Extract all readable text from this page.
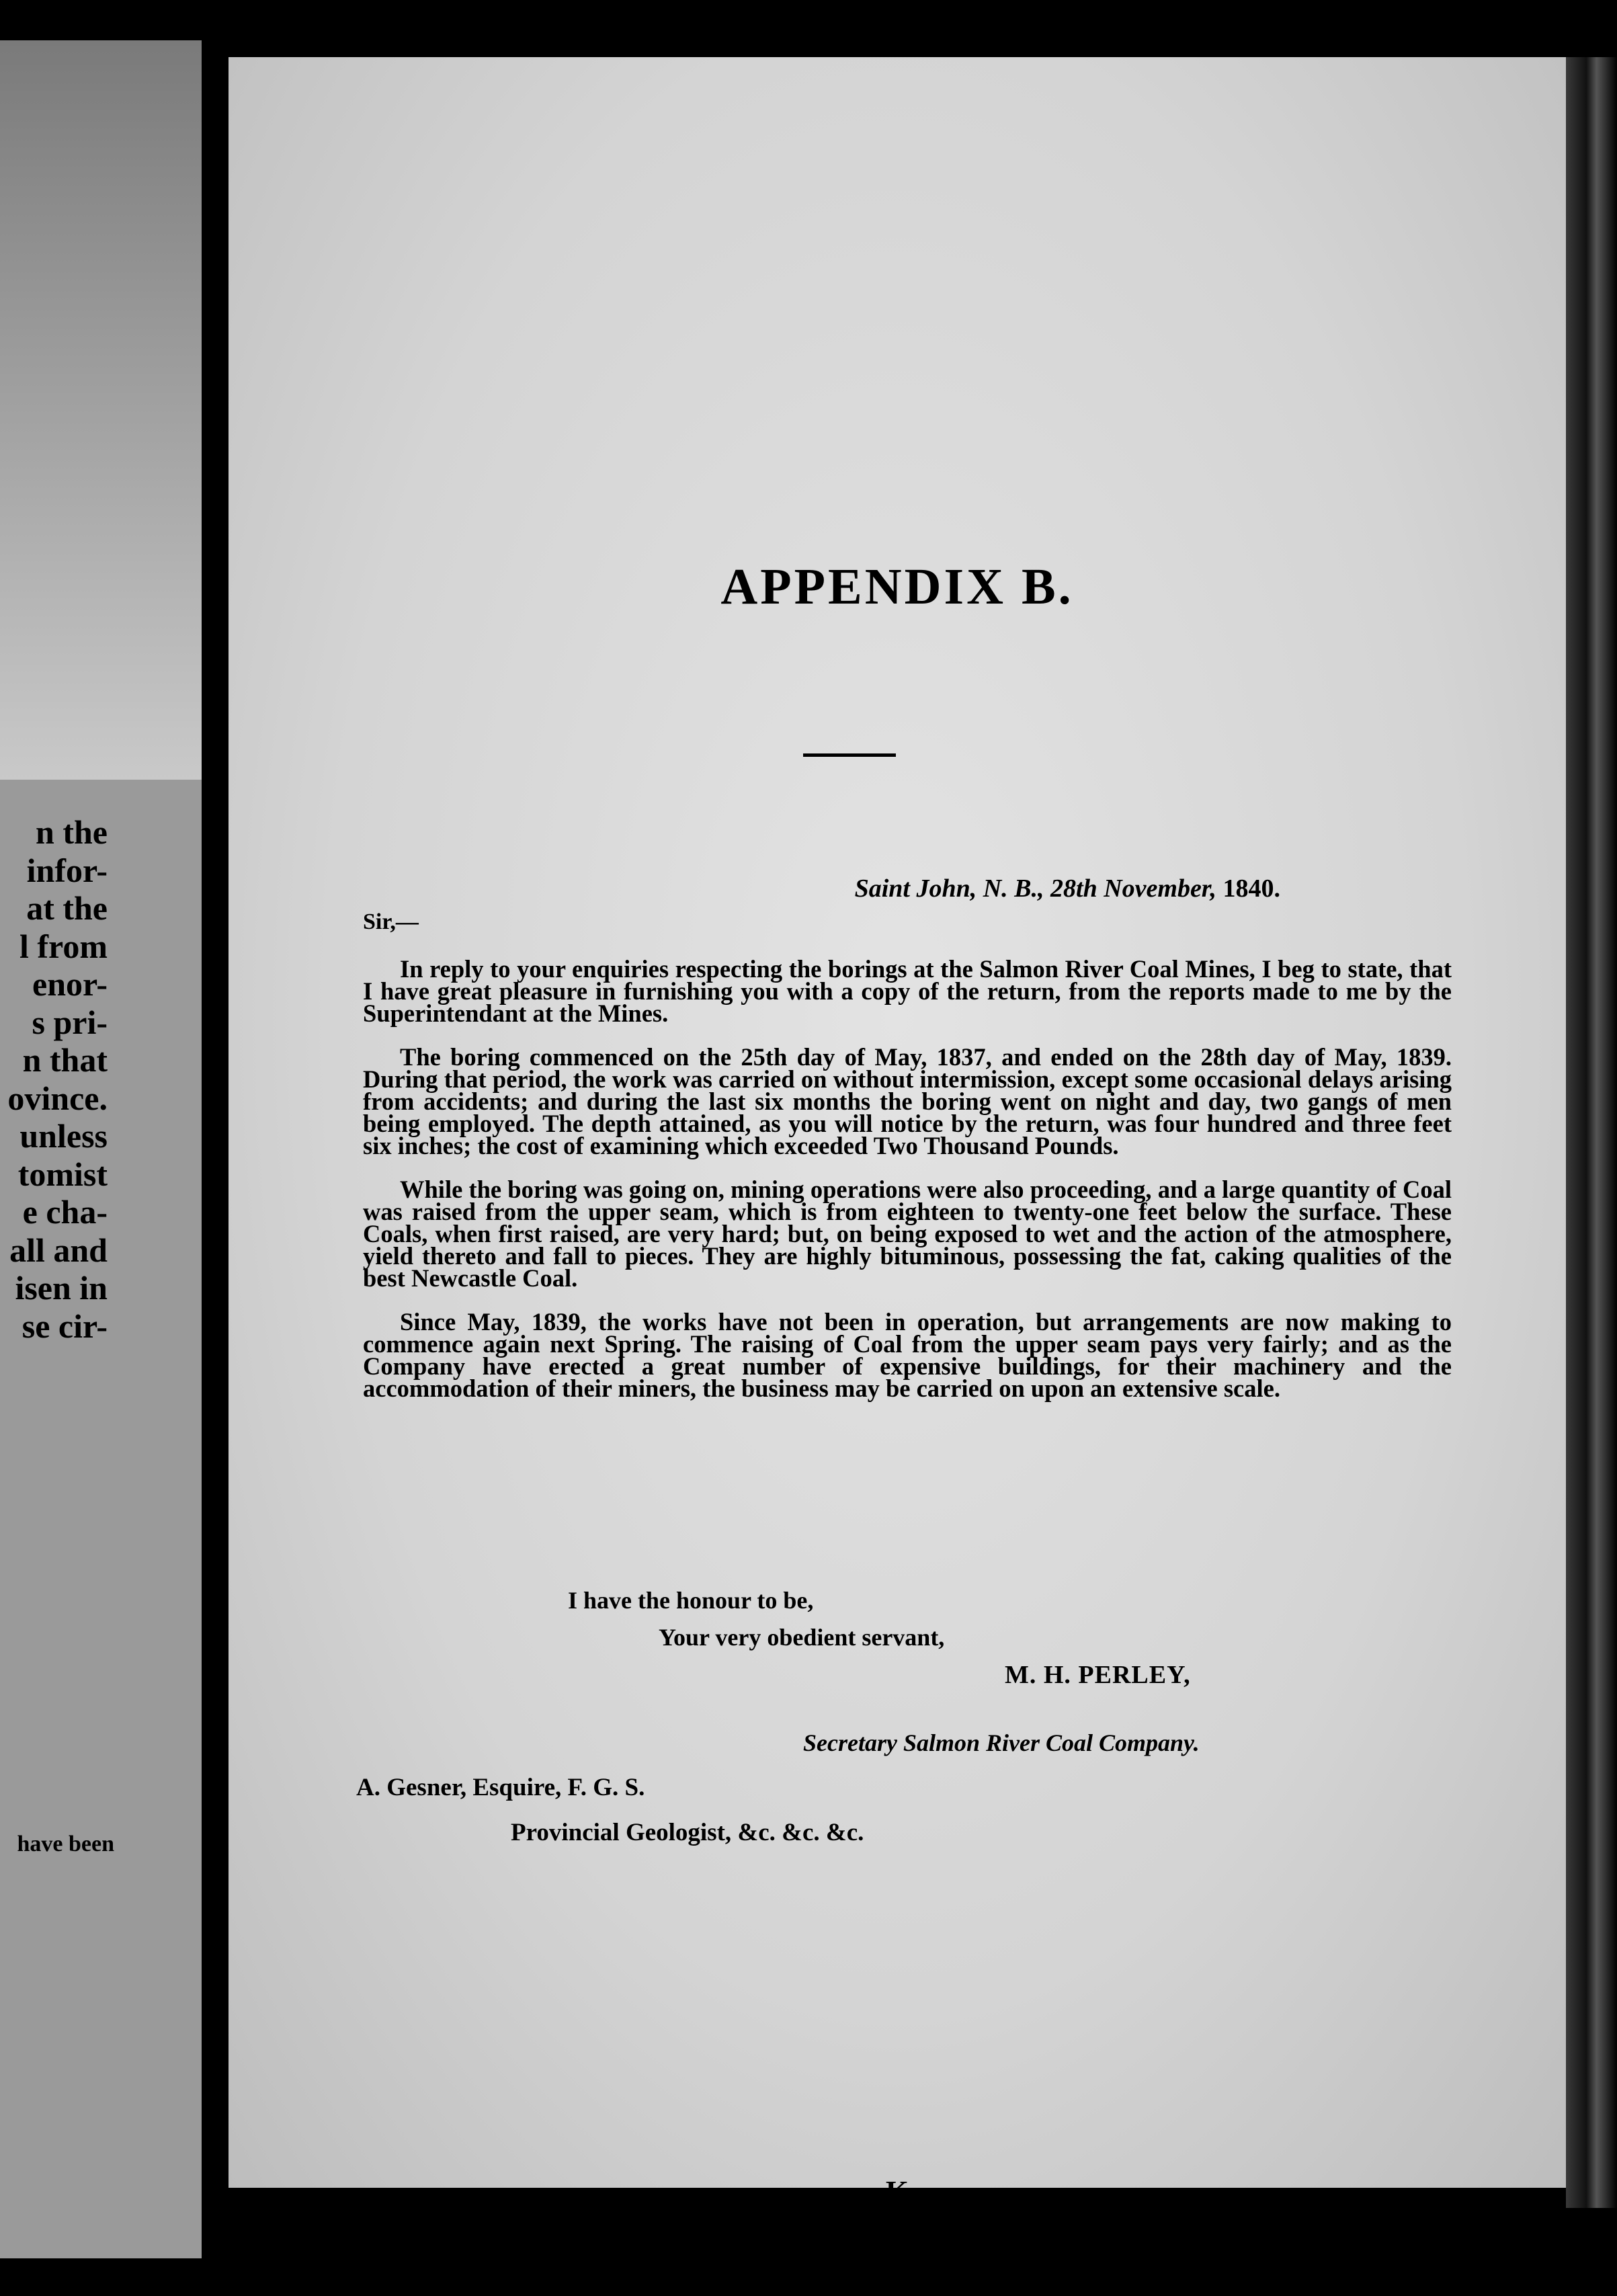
n the
infor-
at the
l from
enor-
s pri-
n that
ovince.
unless
tomist
e cha-
all and
isen in
se cir-
have been
APPENDIX B.
Saint John, N. B., 28th November, 1840.
Sir,—

In reply to your enquiries respecting the borings at the Salmon River Coal Mines, I beg to state, that I have great pleasure in furnishing you with a copy of the return, from the reports made to me by the Superintendant at the Mines.

The boring commenced on the 25th day of May, 1837, and ended on the 28th day of May, 1839. During that period, the work was carried on without intermission, except some occasional delays arising from accidents; and during the last six months the boring went on night and day, two gangs of men being employed. The depth attained, as you will notice by the return, was four hundred and three feet six inches; the cost of examining which exceeded Two Thousand Pounds.

While the boring was going on, mining operations were also proceeding, and a large quantity of Coal was raised from the upper seam, which is from eighteen to twenty-one feet below the surface. These Coals, when first raised, are very hard; but, on being exposed to wet and the action of the atmosphere, yield thereto and fall to pieces. They are highly bituminous, possessing the fat, caking qualities of the best Newcastle Coal.

Since May, 1839, the works have not been in operation, but arrangements are now making to commence again next Spring. The raising of Coal from the upper seam pays very fairly; and as the Company have erected a great number of expensive buildings, for their machinery and the accommodation of their miners, the business may be carried on upon an extensive scale.

I have the honour to be,
Your very obedient servant,
M. H. PERLEY,
Secretary Salmon River Coal Company.
A. Gesner, Esquire, F. G. S.
Provincial Geologist, &c. &c. &c.
K
